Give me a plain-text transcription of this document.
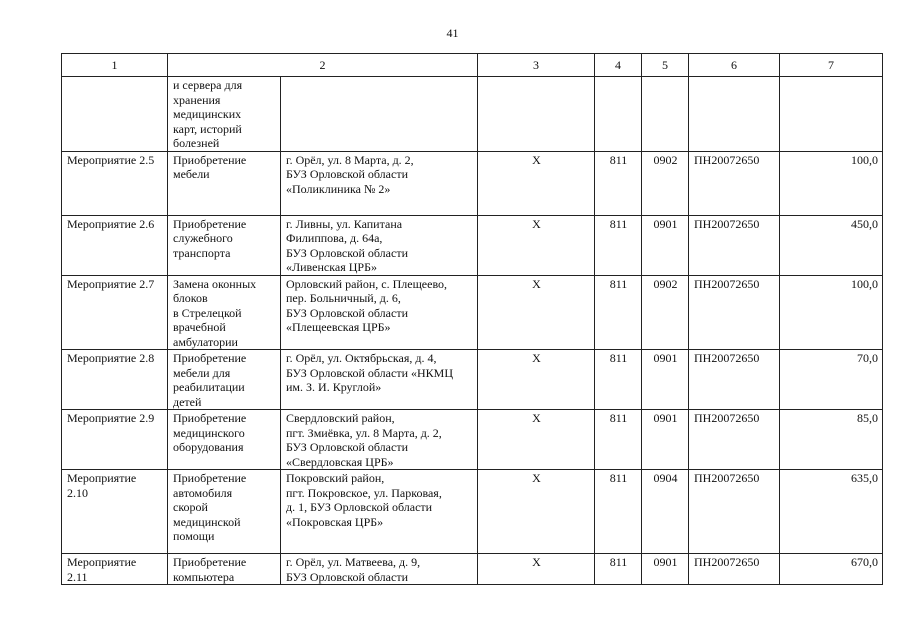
41
1	2		3	4	5	6	7

	и сервера для
хранения
медицинских
карт, историй
болезней						

Мероприятие 2.5	Приобретение
мебели	г. Орёл, ул. 8 Марта, д. 2,
БУЗ Орловской области
«Поликлиника № 2»	Х	811	0902	ПН20072650	100,0

Мероприятие 2.6	Приобретение
служебного
транспорта	г. Ливны, ул. Капитана
Филиппова, д. 64а,
БУЗ Орловской области
«Ливенская ЦРБ»	Х	811	0901	ПН20072650	450,0

Мероприятие 2.7	Замена оконных
блоков
в Стрелецкой
врачебной
амбулатории	Орловский район, с. Плещеево,
пер. Больничный, д. 6,
БУЗ Орловской области
«Плещеевская ЦРБ»	Х	811	0902	ПН20072650	100,0

Мероприятие 2.8	Приобретение
мебели для
реабилитации
детей	г. Орёл, ул. Октябрьская, д. 4,
БУЗ Орловской области «НКМЦ
им. З. И. Круглой»	Х	811	0901	ПН20072650	70,0

Мероприятие 2.9	Приобретение
медицинского
оборудования	Свердловский район,
пгт. Змиёвка, ул. 8 Марта, д. 2,
БУЗ Орловской области
«Свердловская ЦРБ»	Х	811	0901	ПН20072650	85,0

Мероприятие
2.10	Приобретение
автомобиля
скорой
медицинской
помощи	Покровский район,
пгт. Покровское, ул. Парковая,
д. 1, БУЗ Орловской области
«Покровская ЦРБ»	Х	811	0904	ПН20072650	635,0

Мероприятие
2.11	Приобретение
компьютера	г. Орёл, ул. Матвеева, д. 9,
БУЗ Орловской области	Х	811	0901	ПН20072650	670,0
